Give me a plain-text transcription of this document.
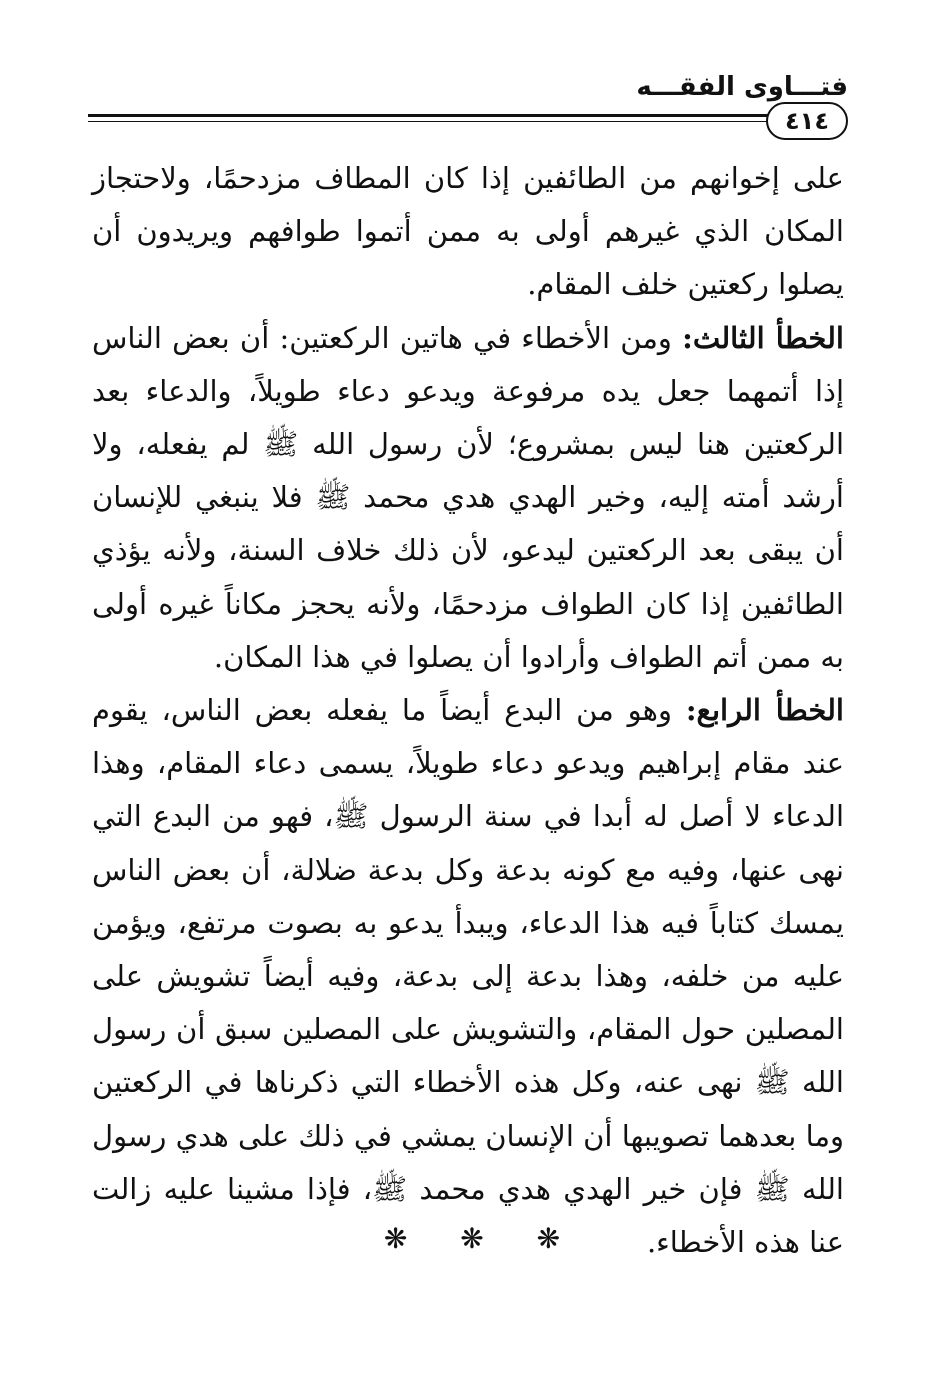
فتـــاوى الفقـــه
٤١٤

على إخوانهم من الطائفين إذا كان المطاف مزدحمًا، ولاحتجاز المكان الذي غيرهم أولى به ممن أتموا طوافهم ويريدون أن يصلوا ركعتين خلف المقام.

الخطأ الثالث: ومن الأخطاء في هاتين الركعتين: أن بعض الناس إذا أتمهما جعل يده مرفوعة ويدعو دعاء طويلاً، والدعاء بعد الركعتين هنا ليس بمشروع؛ لأن رسول الله ﷺ لم يفعله، ولا أرشد أمته إليه، وخير الهدي هدي محمد ﷺ فلا ينبغي للإنسان أن يبقى بعد الركعتين ليدعو، لأن ذلك خلاف السنة، ولأنه يؤذي الطائفين إذا كان الطواف مزدحمًا، ولأنه يحجز مكاناً غيره أولى به ممن أتم الطواف وأرادوا أن يصلوا في هذا المكان.

الخطأ الرابع: وهو من البدع أيضاً ما يفعله بعض الناس، يقوم عند مقام إبراهيم ويدعو دعاء طويلاً، يسمى دعاء المقام، وهذا الدعاء لا أصل له أبدا في سنة الرسول ﷺ، فهو من البدع التي نهى عنها، وفيه مع كونه بدعة وكل بدعة ضلالة، أن بعض الناس يمسك كتاباً فيه هذا الدعاء، ويبدأ يدعو به بصوت مرتفع، ويؤمن عليه من خلفه، وهذا بدعة إلى بدعة، وفيه أيضاً تشويش على المصلين حول المقام، والتشويش على المصلين سبق أن رسول الله ﷺ نهى عنه، وكل هذه الأخطاء التي ذكرناها في الركعتين وما بعدهما تصويبها أن الإنسان يمشي في ذلك على هدي رسول الله ﷺ فإن خير الهدي هدي محمد ﷺ، فإذا مشينا عليه زالت عنا هذه الأخطاء.

❋ ❋ ❋
